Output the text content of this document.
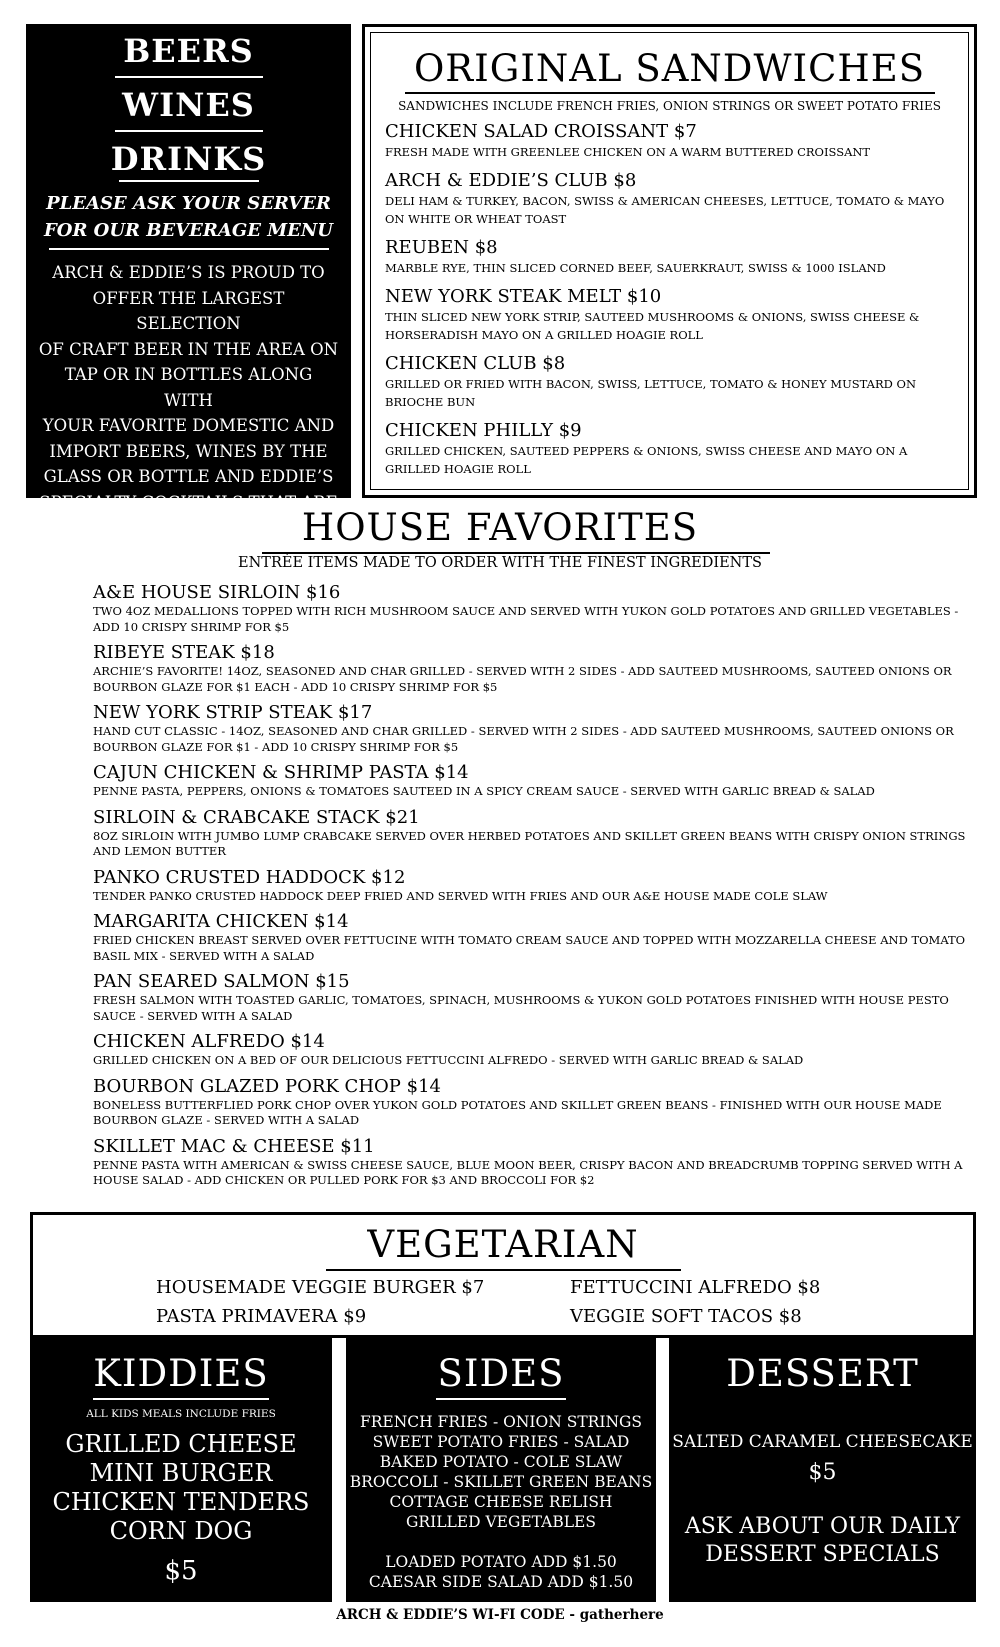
BEERS
WINES
DRINKS
PLEASE ASK YOUR SERVER
FOR OUR BEVERAGE MENU
ARCH & EDDIE’S IS PROUD TO
OFFER THE LARGEST SELECTION
OF CRAFT BEER IN THE AREA ON
TAP OR IN BOTTLES ALONG WITH
YOUR FAVORITE DOMESTIC AND
IMPORT BEERS, WINES BY THE
GLASS OR BOTTLE AND EDDIE’S
SPECIALTY COCKTAILS THAT ARE
SURE TO PLEASE EVERY TASTE
ORIGINAL SANDWICHES
SANDWICHES INCLUDE FRENCH FRIES, ONION STRINGS OR SWEET POTATO FRIES
CHICKEN SALAD CROISSANT $7
FRESH MADE WITH GREENLEE CHICKEN ON A WARM BUTTERED CROISSANT
ARCH & EDDIE’S CLUB $8
DELI HAM & TURKEY, BACON, SWISS & AMERICAN CHEESES, LETTUCE, TOMATO & MAYO ON WHITE OR WHEAT TOAST
REUBEN $8
MARBLE RYE, THIN SLICED CORNED BEEF, SAUERKRAUT, SWISS & 1000 ISLAND
NEW YORK STEAK MELT $10
THIN SLICED NEW YORK STRIP, SAUTEED MUSHROOMS & ONIONS, SWISS CHEESE & HORSERADISH MAYO ON A GRILLED HOAGIE ROLL
CHICKEN CLUB $8
GRILLED OR FRIED WITH BACON, SWISS, LETTUCE, TOMATO & HONEY MUSTARD ON BRIOCHE BUN
CHICKEN PHILLY $9
GRILLED CHICKEN, SAUTEED PEPPERS & ONIONS, SWISS CHEESE AND MAYO ON A GRILLED HOAGIE ROLL
HOUSE FAVORITES
ENTRÉE ITEMS MADE TO ORDER WITH THE FINEST INGREDIENTS
A&E HOUSE SIRLOIN $16
TWO 4OZ MEDALLIONS TOPPED WITH RICH MUSHROOM SAUCE AND SERVED WITH YUKON GOLD POTATOES AND GRILLED VEGETABLES - ADD 10 CRISPY SHRIMP FOR $5
RIBEYE STEAK $18
ARCHIE’S FAVORITE! 14OZ, SEASONED AND CHAR GRILLED - SERVED WITH 2 SIDES - ADD SAUTEED MUSHROOMS, SAUTEED ONIONS OR BOURBON GLAZE FOR $1 EACH - ADD 10 CRISPY SHRIMP FOR $5
NEW YORK STRIP STEAK $17
HAND CUT CLASSIC - 14OZ, SEASONED AND CHAR GRILLED - SERVED WITH 2 SIDES - ADD SAUTEED MUSHROOMS, SAUTEED ONIONS OR BOURBON GLAZE FOR $1 - ADD 10 CRISPY SHRIMP FOR $5
CAJUN CHICKEN & SHRIMP PASTA $14
PENNE PASTA, PEPPERS, ONIONS & TOMATOES SAUTEED IN A SPICY CREAM SAUCE - SERVED WITH GARLIC BREAD & SALAD
SIRLOIN & CRABCAKE STACK $21
8OZ SIRLOIN WITH JUMBO LUMP CRABCAKE SERVED OVER HERBED POTATOES AND SKILLET GREEN BEANS WITH CRISPY ONION STRINGS AND LEMON BUTTER
PANKO CRUSTED HADDOCK $12
TENDER PANKO CRUSTED HADDOCK DEEP FRIED AND SERVED WITH FRIES AND OUR A&E HOUSE MADE COLE SLAW
MARGARITA CHICKEN $14
FRIED CHICKEN BREAST SERVED OVER FETTUCINE WITH TOMATO CREAM SAUCE AND TOPPED WITH MOZZARELLA CHEESE AND TOMATO BASIL MIX - SERVED WITH A SALAD
PAN SEARED SALMON $15
FRESH SALMON WITH TOASTED GARLIC, TOMATOES, SPINACH, MUSHROOMS & YUKON GOLD POTATOES FINISHED WITH HOUSE PESTO SAUCE - SERVED WITH A SALAD
CHICKEN ALFREDO $14
GRILLED CHICKEN ON A BED OF OUR DELICIOUS FETTUCCINI ALFREDO - SERVED WITH GARLIC BREAD & SALAD
BOURBON GLAZED PORK CHOP $14
BONELESS BUTTERFLIED PORK CHOP OVER YUKON GOLD POTATOES AND SKILLET GREEN BEANS - FINISHED WITH OUR HOUSE MADE BOURBON GLAZE - SERVED WITH A SALAD
SKILLET MAC & CHEESE $11
PENNE PASTA WITH AMERICAN & SWISS CHEESE SAUCE, BLUE MOON BEER, CRISPY BACON AND BREADCRUMB TOPPING SERVED WITH A HOUSE SALAD - ADD CHICKEN OR PULLED PORK FOR $3 AND BROCCOLI FOR $2
VEGETARIAN
HOUSEMADE VEGGIE BURGER $7	FETTUCCINI ALFREDO $8
PASTA PRIMAVERA $9	VEGGIE SOFT TACOS $8
KIDDIES
ALL KIDS MEALS INCLUDE FRIES
GRILLED CHEESE
MINI BURGER
CHICKEN TENDERS
CORN DOG
$5
SIDES
FRENCH FRIES - ONION STRINGS
SWEET POTATO FRIES - SALAD
BAKED POTATO - COLE SLAW
BROCCOLI - SKILLET GREEN BEANS
COTTAGE CHEESE RELISH
GRILLED VEGETABLES
LOADED POTATO ADD $1.50
CAESAR SIDE SALAD ADD $1.50
DESSERT
SALTED CARAMEL CHEESECAKE
$5
ASK ABOUT OUR DAILY
DESSERT SPECIALS
ARCH & EDDIE’S WI-FI CODE - gatherhere
